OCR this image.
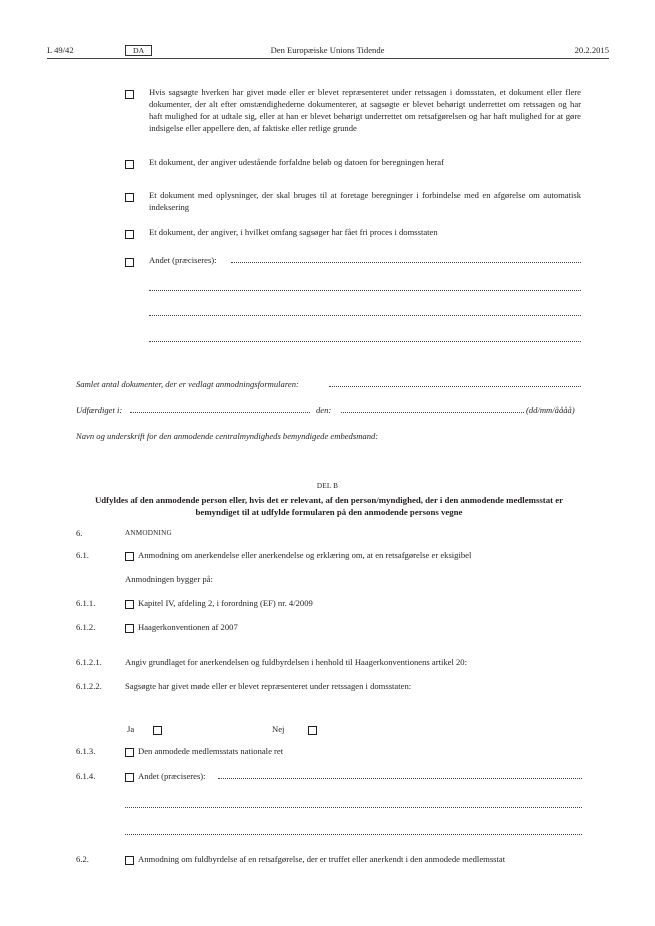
L 49/42	DA	Den Europæiske Unions Tidende	20.2.2015
Hvis sagsøgte hverken har givet møde eller er blevet repræsenteret under retssagen i domsstaten, et dokument eller flere dokumenter, der alt efter omstændighederne dokumenterer, at sagsøgte er blevet behørigt underrettet om retssagen og har haft mulighed for at udtale sig, eller at han er blevet behørigt underrettet om retsafgørelsen og har haft mulighed for at gøre indsigelse eller appellere den, af faktiske eller retlige grunde
Et dokument, der angiver udestående forfaldne beløb og datoen for beregningen heraf
Et dokument med oplysninger, der skal bruges til at foretage beregninger i forbindelse med en afgørelse om automatisk indeksering
Et dokument, der angiver, i hvilket omfang sagsøger har fået fri proces i domsstaten
Andet (præciseres):
Samlet antal dokumenter, der er vedlagt anmodningsformularen:
Udfærdiget i:	den:	(dd/mm/åååå)
Navn og underskrift for den anmodende centralmyndigheds bemyndigede embedsmand:
DEL B
Udfyldes af den anmodende person eller, hvis det er relevant, af den person/myndighed, der i den anmodende medlemsstat er bemyndiget til at udfylde formularen på den anmodende persons vegne
6.	ANMODNING
6.1.	Anmodning om anerkendelse eller anerkendelse og erklæring om, at en retsafgørelse er eksigibel
Anmodningen bygger på:
6.1.1.	Kapitel IV, afdeling 2, i forordning (EF) nr. 4/2009
6.1.2.	Haagerkonventionen af 2007
6.1.2.1.	Angiv grundlaget for anerkendelsen og fuldbyrdelsen i henhold til Haagerkonventionens artikel 20:
6.1.2.2.	Sagsøgte har givet møde eller er blevet repræsenteret under retssagen i domsstaten:
Ja	Nej
6.1.3.	Den anmodede medlemsstats nationale ret
6.1.4.	Andet (præciseres):
6.2.	Anmodning om fuldbyrdelse af en retsafgørelse, der er truffet eller anerkendt i den anmodede medlemsstat
